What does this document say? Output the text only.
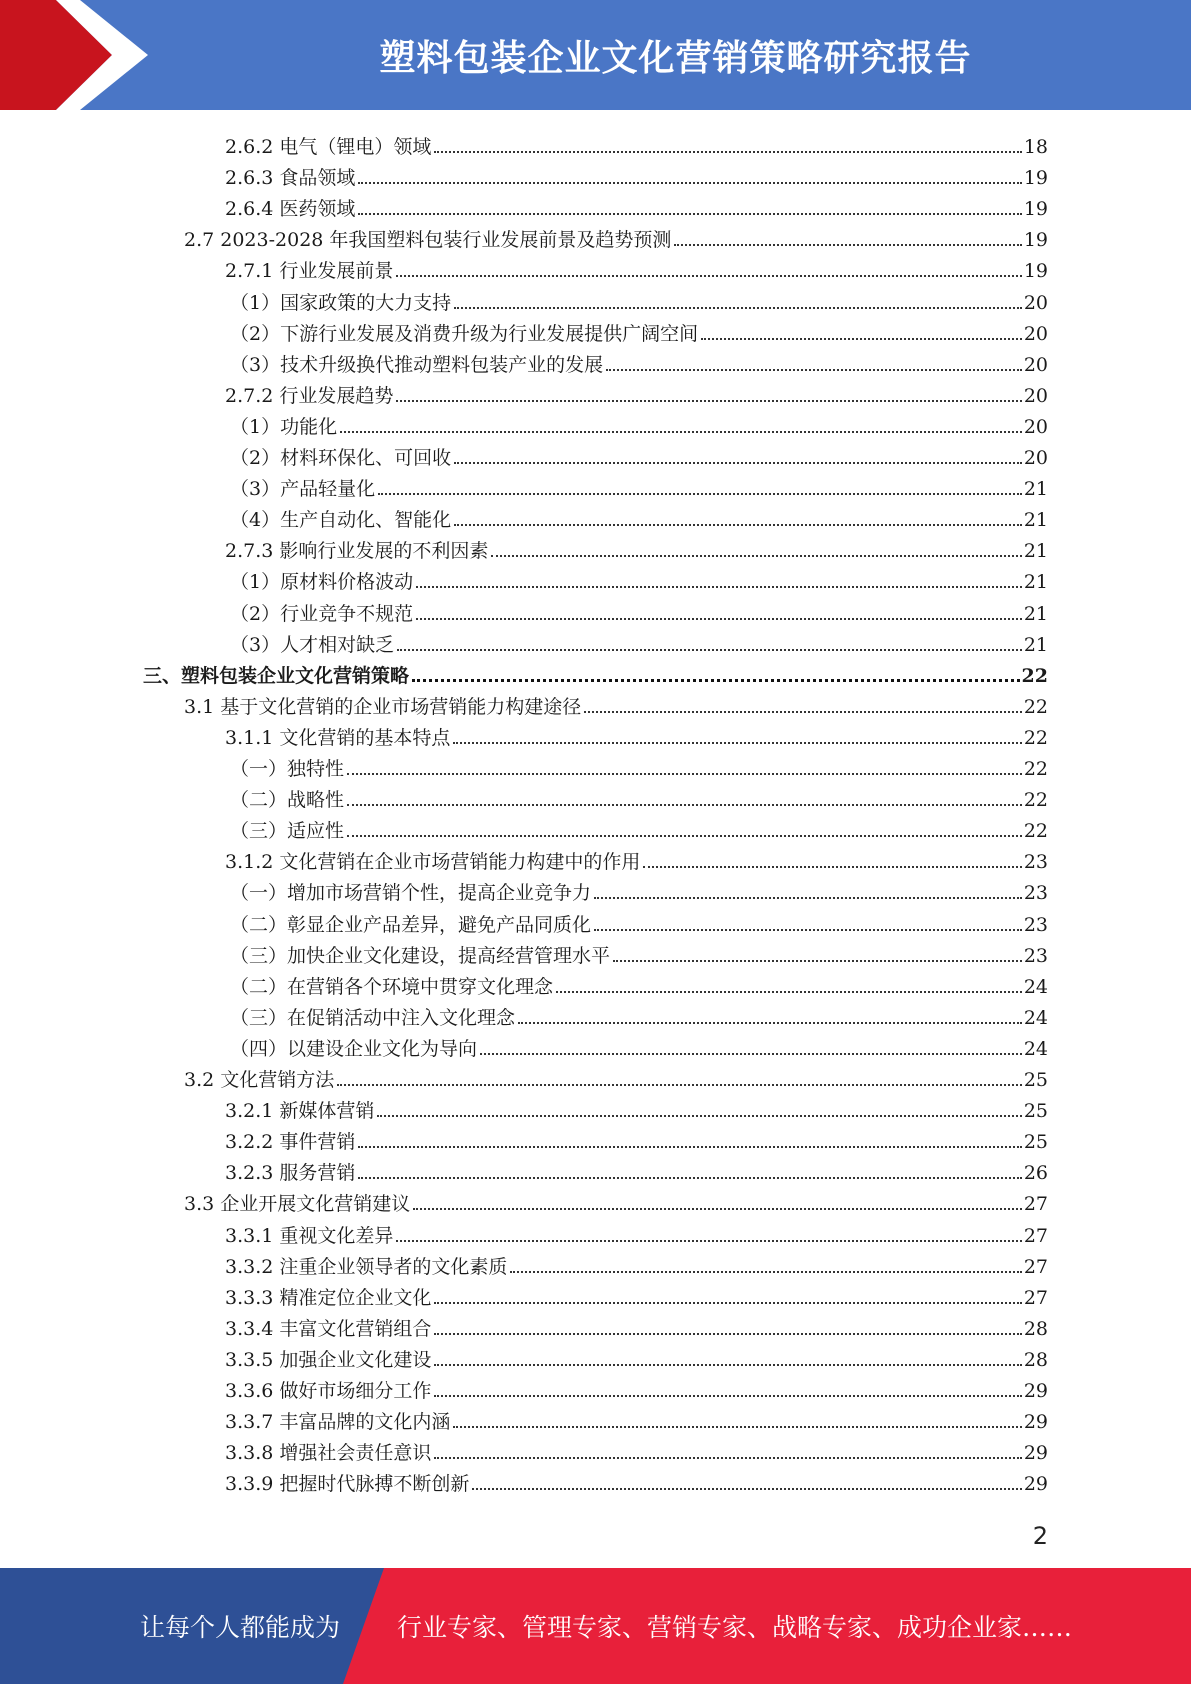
塑料包装企业文化营销策略研究报告
2.6.2 电气（锂电）领域	18
2.6.3 食品领域	19
2.6.4 医药领域	19
2.7 2023-2028 年我国塑料包装行业发展前景及趋势预测	19
2.7.1 行业发展前景	19
（1）国家政策的大力支持	20
（2）下游行业发展及消费升级为行业发展提供广阔空间	20
（3）技术升级换代推动塑料包装产业的发展	20
2.7.2 行业发展趋势	20
（1）功能化	20
（2）材料环保化、可回收	20
（3）产品轻量化	21
（4）生产自动化、智能化	21
2.7.3 影响行业发展的不利因素	21
（1）原材料价格波动	21
（2）行业竞争不规范	21
（3）人才相对缺乏	21
三、塑料包装企业文化营销策略	22
3.1 基于文化营销的企业市场营销能力构建途径	22
3.1.1 文化营销的基本特点	22
（一）独特性	22
（二）战略性	22
（三）适应性	22
3.1.2 文化营销在企业市场营销能力构建中的作用	23
（一）增加市场营销个性，提高企业竞争力	23
（二）彰显企业产品差异，避免产品同质化	23
（三）加快企业文化建设，提高经营管理水平	23
（二）在营销各个环境中贯穿文化理念	24
（三）在促销活动中注入文化理念	24
（四）以建设企业文化为导向	24
3.2 文化营销方法	25
3.2.1 新媒体营销	25
3.2.2 事件营销	25
3.2.3 服务营销	26
3.3 企业开展文化营销建议	27
3.3.1 重视文化差异	27
3.3.2 注重企业领导者的文化素质	27
3.3.3 精准定位企业文化	27
3.3.4 丰富文化营销组合	28
3.3.5 加强企业文化建设	28
3.3.6 做好市场细分工作	29
3.3.7 丰富品牌的文化内涵	29
3.3.8 增强社会责任意识	29
3.3.9 把握时代脉搏不断创新	29
2
让每个人都能成为 行业专家、管理专家、营销专家、战略专家、成功企业家……
